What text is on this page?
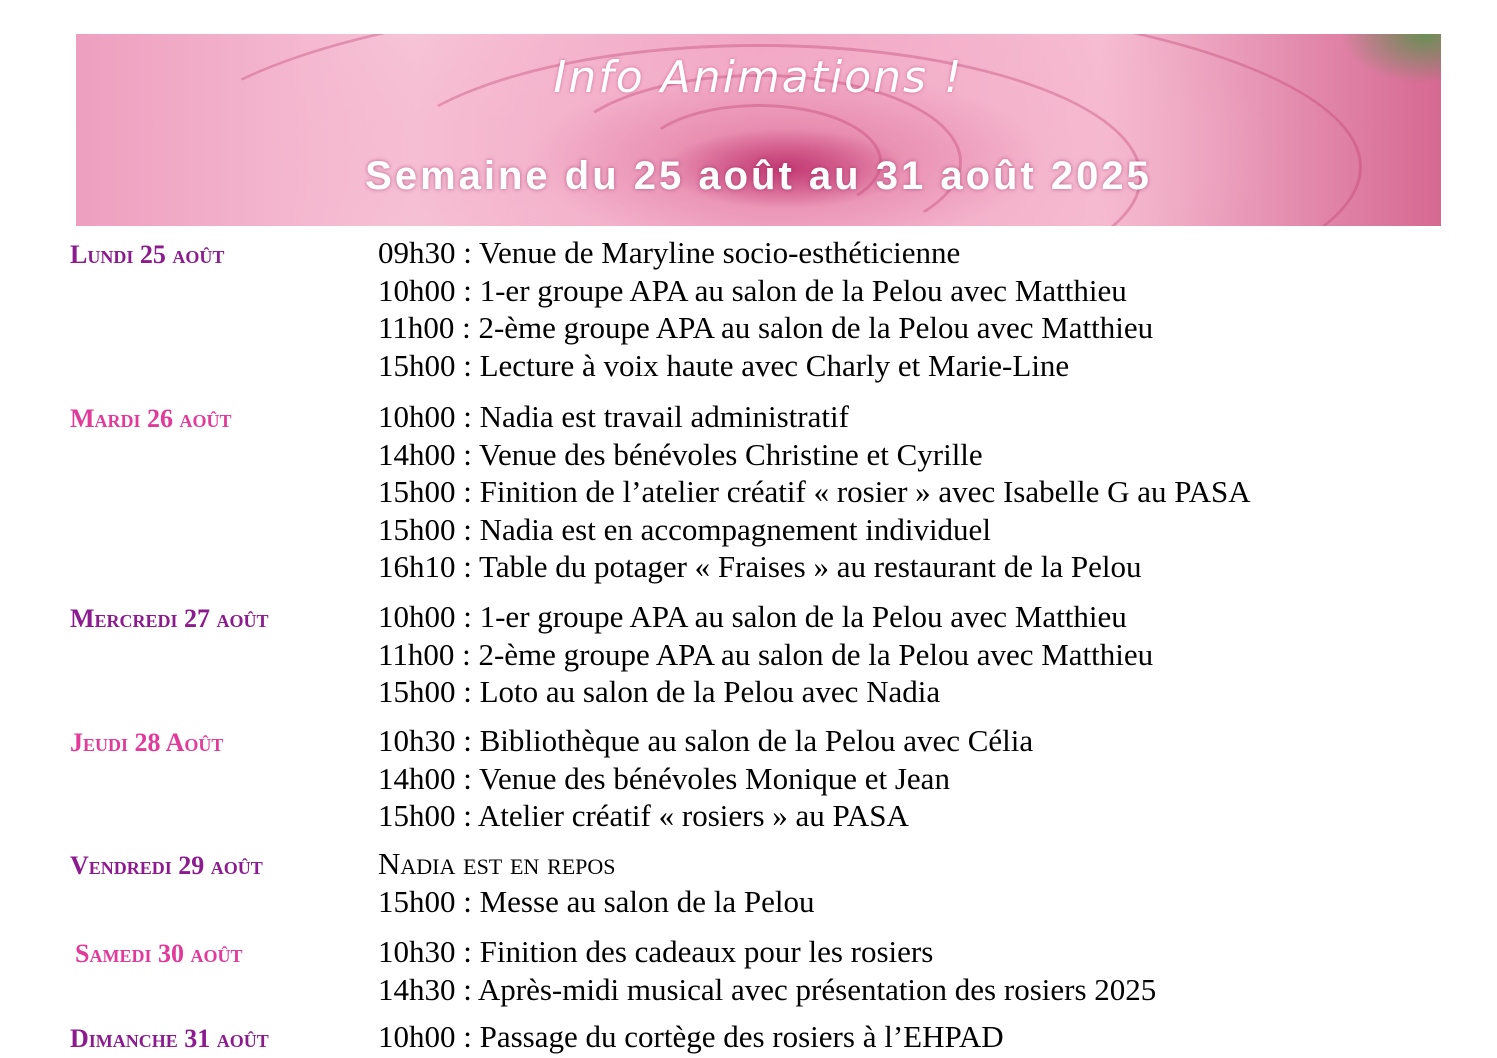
Info Animations !
Semaine du 25 août au 31 août 2025
Lundi 25 août	09h30 : Venue de Maryline socio-esthéticienne
10h00 : 1-er groupe APA au salon de la Pelou avec Matthieu
11h00 : 2-ème groupe APA au salon de la Pelou avec Matthieu
15h00 : Lecture à voix haute avec Charly et Marie-Line
Mardi 26 août	10h00 : Nadia est travail administratif
14h00 : Venue des bénévoles Christine et Cyrille
15h00 : Finition de l’atelier créatif « rosier » avec Isabelle G au PASA
15h00 : Nadia est en accompagnement individuel
16h10 : Table du potager « Fraises » au restaurant de la Pelou
Mercredi 27 août	10h00 : 1-er groupe APA au salon de la Pelou avec Matthieu
11h00 : 2-ème groupe APA au salon de la Pelou avec Matthieu
15h00 : Loto au salon de la Pelou avec Nadia
Jeudi 28 Août	10h30 : Bibliothèque au salon de la Pelou avec Célia
14h00 : Venue des bénévoles Monique et Jean
15h00 : Atelier créatif « rosiers » au PASA
Vendredi 29 août	Nadia est en repos
15h00 : Messe au salon de la Pelou
Samedi 30 août	10h30 : Finition des cadeaux pour les rosiers
14h30 : Après-midi musical avec présentation des rosiers 2025
Dimanche 31 août	10h00 : Passage du cortège des rosiers à l’EHPAD
